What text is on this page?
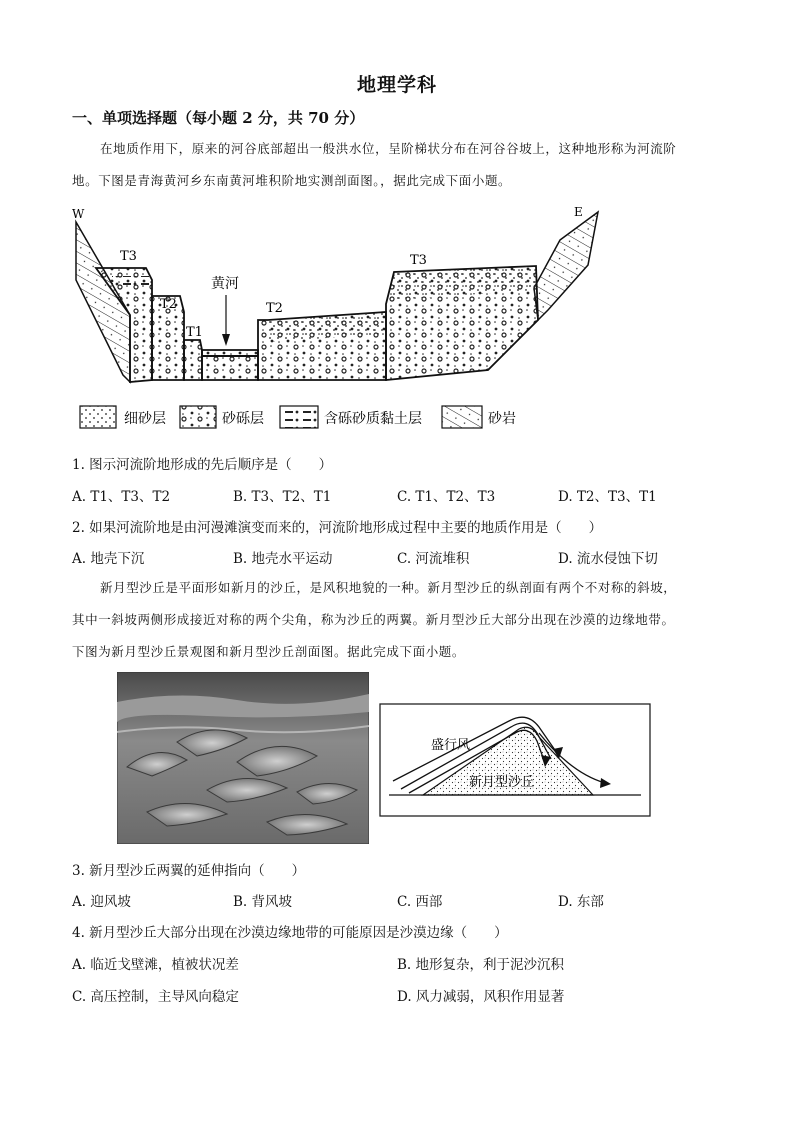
地理学科
一、单项选择题（每小题 2 分，共 70 分）
在地质作用下，原来的河谷底部超出一般洪水位，呈阶梯状分布在河谷谷坡上，这种地形称为河流阶
地。下图是青海黄河乡东南黄河堆积阶地实测剖面图。，据此完成下面小题。
W	E
T3
T2
T1
T2
T3
黄河
细砂层	砂砾层	含砾砂质黏土层	砂岩
1. 图示河流阶地形成的先后顺序是（　　）
A. T1、T3、T2	B. T3、T2、T1	C. T1、T2、T3	D. T2、T3、T1
2. 如果河流阶地是由河漫滩演变而来的，河流阶地形成过程中主要的地质作用是（　　）
A. 地壳下沉	B. 地壳水平运动	C. 河流堆积	D. 流水侵蚀下切
新月型沙丘是平面形如新月的沙丘，是风积地貌的一种。新月型沙丘的纵剖面有两个不对称的斜坡，
其中一斜坡两侧形成接近对称的两个尖角，称为沙丘的两翼。新月型沙丘大部分出现在沙漠的边缘地带。
下图为新月型沙丘景观图和新月型沙丘剖面图。据此完成下面小题。
盛行风
新月型沙丘
3. 新月型沙丘两翼的延伸指向（　　）
A. 迎风坡	B. 背风坡	C. 西部	D. 东部
4. 新月型沙丘大部分出现在沙漠边缘地带的可能原因是沙漠边缘（　　）
A. 临近戈壁滩，植被状况差	B. 地形复杂，利于泥沙沉积
C. 高压控制，主导风向稳定	D. 风力减弱，风积作用显著
